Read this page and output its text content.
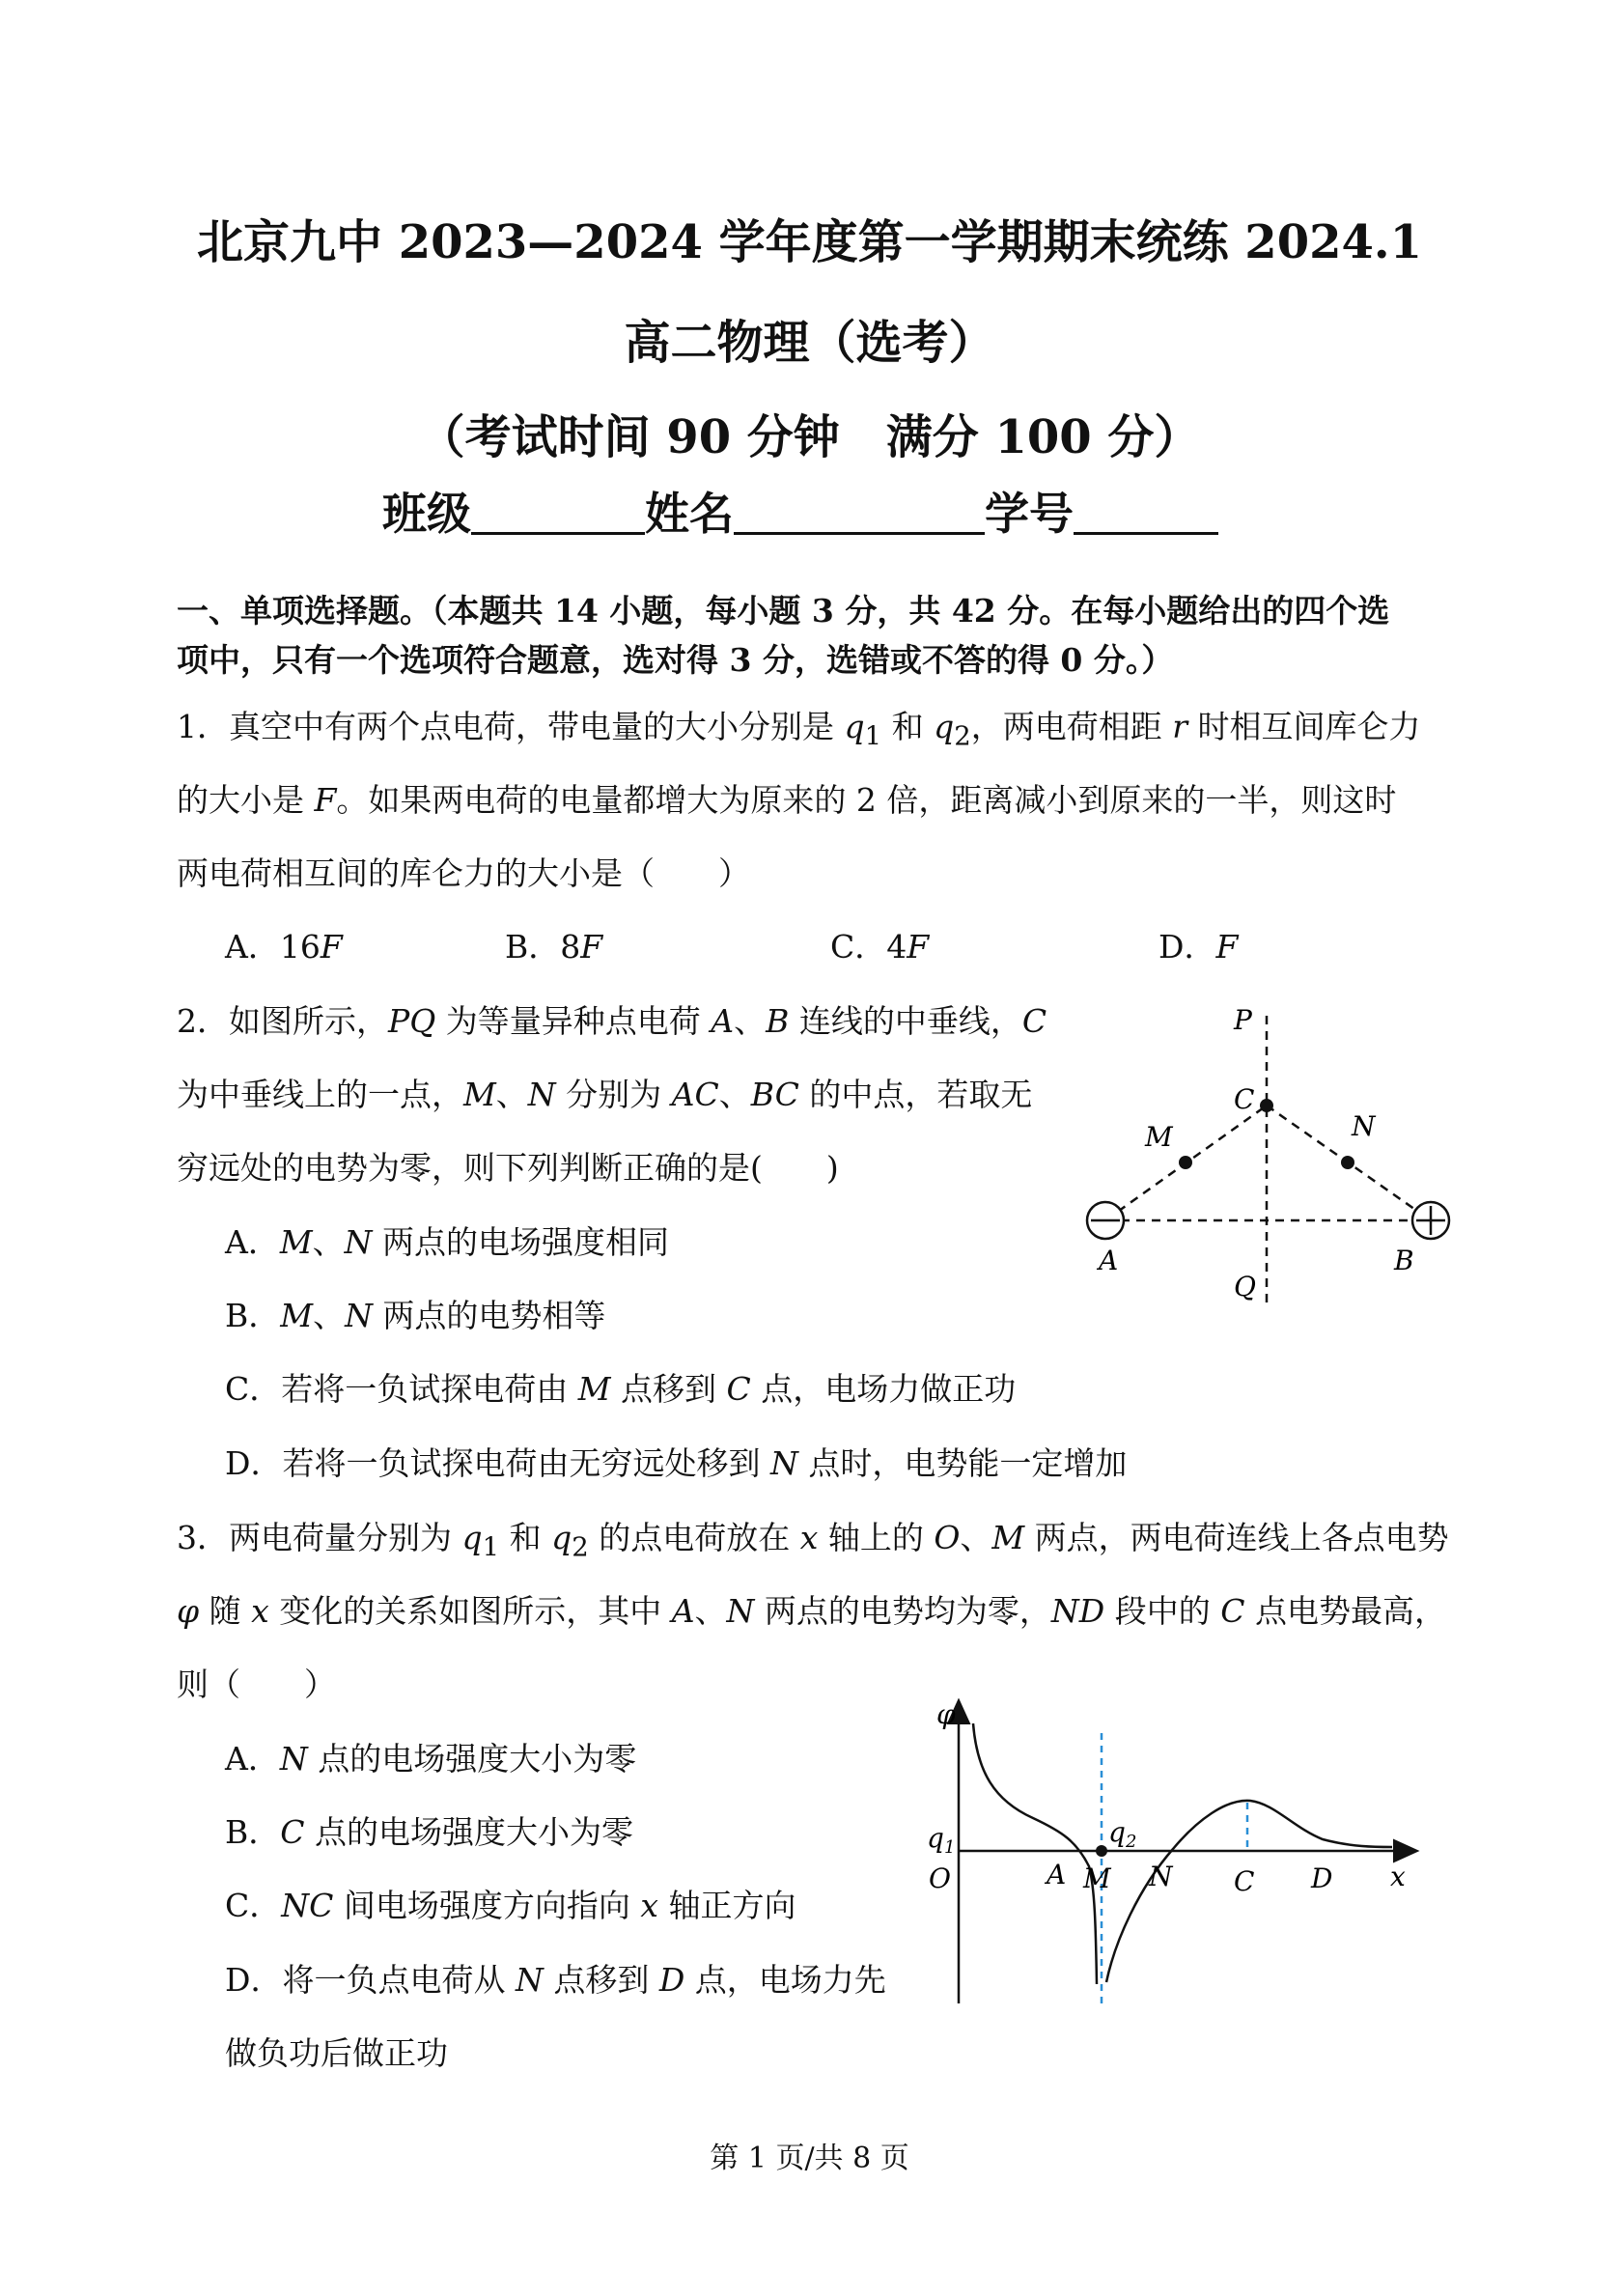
北京九中 2023—2024 学年度第一学期期末统练 2024.1
高二物理（选考）
（考试时间 90 分钟　满分 100 分）
班级	姓名	学号
一、单项选择题。（本题共 14 小题，每小题 3 分，共 42 分。在每小题给出的四个选
项中，只有一个选项符合题意，选对得 3 分，选错或不答的得 0 分。）
1．真空中有两个点电荷，带电量的大小分别是 $q_1$ 和 $q_2$，两电荷相距 r 时相互间库仑力
的大小是 F。如果两电荷的电量都增大为原来的 2 倍，距离减小到原来的一半，则这时
两电荷相互间的库仑力的大小是（　　）
A．16F	B．8F	C．4F	D．F
2．如图所示，PQ 为等量异种点电荷 A、B 连线的中垂线，C
为中垂线上的一点，M、N 分别为 AC、BC 的中点，若取无
穷远处的电势为零，则下列判断正确的是(　　)
A．M、N 两点的电场强度相同
B．M、N 两点的电势相等
C．若将一负试探电荷由 M 点移到 C 点，电场力做正功
D．若将一负试探电荷由无穷远处移到 N 点时，电势能一定增加
P
Q
C
M	N
A	B
3．两电荷量分别为 $q_1$ 和 $q_2$ 的点电荷放在 x 轴上的 O、M 两点，两电荷连线上各点电势
φ 随 x 变化的关系如图所示，其中 A、N 两点的电势均为零，ND 段中的 C 点电势最高，
则（　　）
A．N 点的电场强度大小为零
B．C 点的电场强度大小为零
C．NC 间电场强度方向指向 x 轴正方向
D．将一负点电荷从 N 点移到 D 点，电场力先
做负功后做正功
φ
$q_1$	$q_2$
O	A M N C D x
第 1 页/共 8 页
